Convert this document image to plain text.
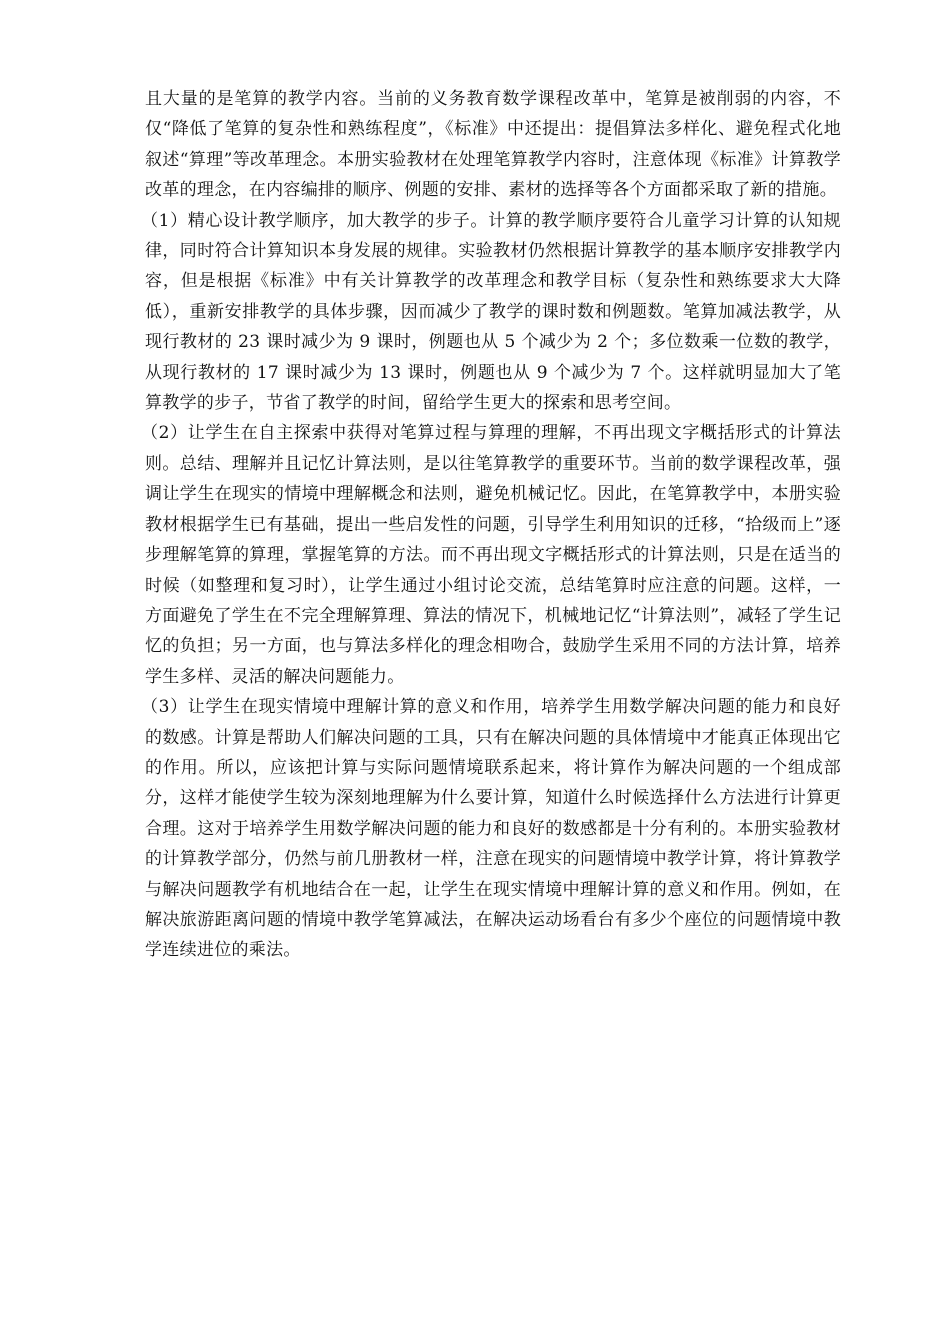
且大量的是笔算的教学内容。当前的义务教育数学课程改革中，笔算是被削弱的内容，不仅“降低了笔算的复杂性和熟练程度”，《标准》中还提出：提倡算法多样化、避免程式化地叙述“算理”等改革理念。本册实验教材在处理笔算教学内容时，注意体现《标准》计算教学改革的理念，在内容编排的顺序、例题的安排、素材的选择等各个方面都采取了新的措施。

（1）精心设计教学顺序，加大教学的步子。计算的教学顺序要符合儿童学习计算的认知规律，同时符合计算知识本身发展的规律。实验教材仍然根据计算教学的基本顺序安排教学内容，但是根据《标准》中有关计算教学的改革理念和教学目标（复杂性和熟练要求大大降低），重新安排教学的具体步骤，因而减少了教学的课时数和例题数。笔算加减法教学，从现行教材的 23 课时减少为 9 课时，例题也从 5 个减少为 2 个；多位数乘一位数的教学，从现行教材的 17 课时减少为 13 课时，例题也从 9 个减少为 7 个。这样就明显加大了笔算教学的步子，节省了教学的时间，留给学生更大的探索和思考空间。

（2）让学生在自主探索中获得对笔算过程与算理的理解，不再出现文字概括形式的计算法则。总结、理解并且记忆计算法则，是以往笔算教学的重要环节。当前的数学课程改革，强调让学生在现实的情境中理解概念和法则，避免机械记忆。因此，在笔算教学中，本册实验教材根据学生已有基础，提出一些启发性的问题，引导学生利用知识的迁移，“拾级而上”逐步理解笔算的算理，掌握笔算的方法。而不再出现文字概括形式的计算法则，只是在适当的时候（如整理和复习时），让学生通过小组讨论交流，总结笔算时应注意的问题。这样，一方面避免了学生在不完全理解算理、算法的情况下，机械地记忆“计算法则”，减轻了学生记忆的负担；另一方面，也与算法多样化的理念相吻合，鼓励学生采用不同的方法计算，培养学生多样、灵活的解决问题能力。

（3）让学生在现实情境中理解计算的意义和作用，培养学生用数学解决问题的能力和良好的数感。计算是帮助人们解决问题的工具，只有在解决问题的具体情境中才能真正体现出它的作用。所以，应该把计算与实际问题情境联系起来，将计算作为解决问题的一个组成部分，这样才能使学生较为深刻地理解为什么要计算，知道什么时候选择什么方法进行计算更合理。这对于培养学生用数学解决问题的能力和良好的数感都是十分有利的。本册实验教材的计算教学部分，仍然与前几册教材一样，注意在现实的问题情境中教学计算，将计算教学与解决问题教学有机地结合在一起，让学生在现实情境中理解计算的意义和作用。例如，在解决旅游距离问题的情境中教学笔算减法，在解决运动场看台有多少个座位的问题情境中教学连续进位的乘法。
